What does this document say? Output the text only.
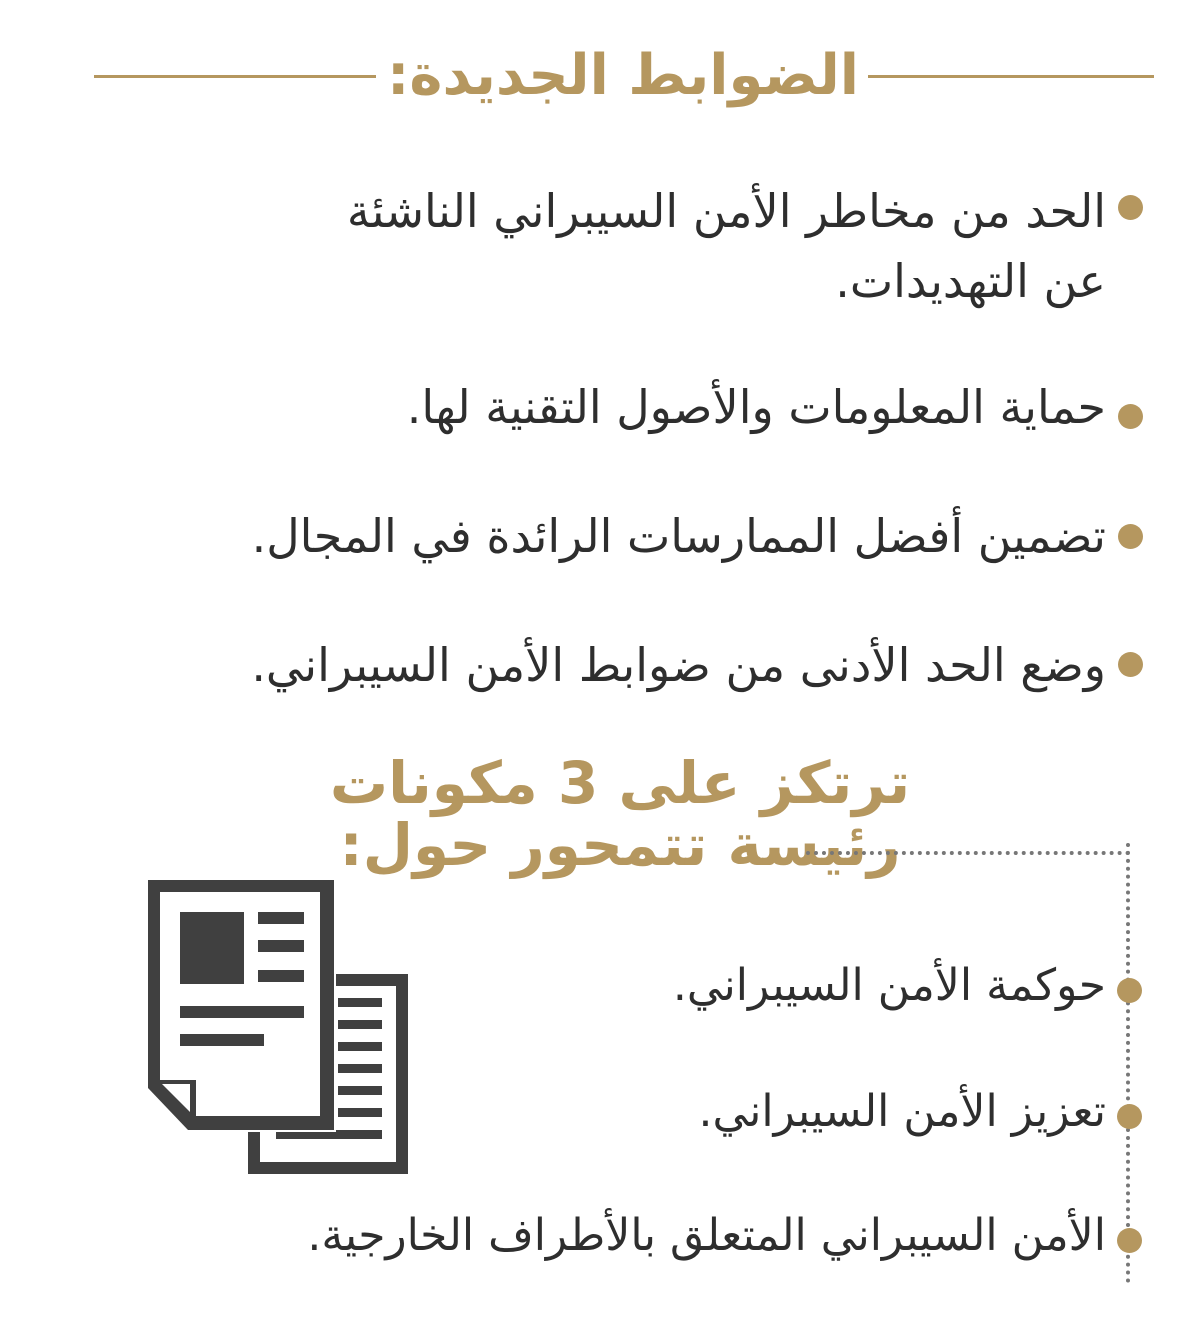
الضوابط الجديدة:
الحد من مخاطر الأمن السيبراني الناشئة عن التهديدات.
حماية المعلومات والأصول التقنية لها.
تضمين أفضل الممارسات الرائدة في المجال.
وضع الحد الأدنى من ضوابط الأمن السيبراني.
ترتكز على 3 مكونات رئيسة تتمحور حول:
حوكمة الأمن السيبراني.
تعزيز الأمن السيبراني.
الأمن السيبراني المتعلق بالأطراف الخارجية.
